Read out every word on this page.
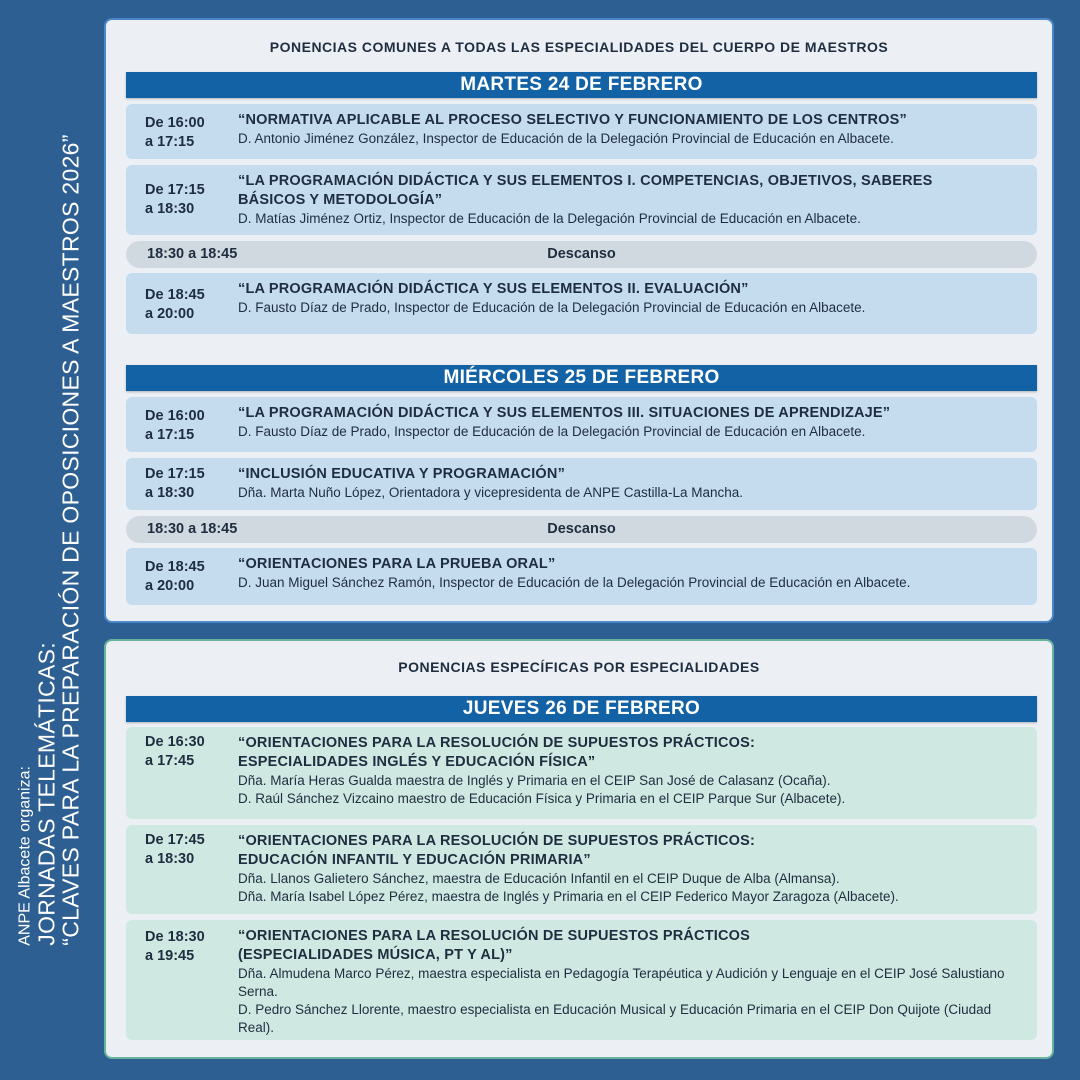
ANPE Albacete organiza: JORNADAS TELEMÁTICAS:
“CLAVES PARA LA PREPARACIÓN DE OPOSICIONES A MAESTROS 2026”
PONENCIAS COMUNES A TODAS LAS ESPECIALIDADES DEL CUERPO DE MAESTROS
MARTES 24 DE FEBRERO
De 16:00
a 17:15
“NORMATIVA APLICABLE AL PROCESO SELECTIVO Y FUNCIONAMIENTO DE LOS CENTROS”
D. Antonio Jiménez González, Inspector de Educación de la Delegación Provincial de Educación en Albacete.
De 17:15
a 18:30
“LA PROGRAMACIÓN DIDÁCTICA Y SUS ELEMENTOS I. COMPETENCIAS, OBJETIVOS, SABERES
BÁSICOS Y METODOLOGÍA”
D. Matías Jiménez Ortiz, Inspector de Educación de la Delegación Provincial de Educación en Albacete.
Descanso
18:30 a 18:45
De 18:45
a 20:00
“LA PROGRAMACIÓN DIDÁCTICA Y SUS ELEMENTOS II. EVALUACIÓN”
D. Fausto Díaz de Prado, Inspector de Educación de la Delegación Provincial de Educación en Albacete.
MIÉRCOLES 25 DE FEBRERO
De 16:00
a 17:15
“LA PROGRAMACIÓN DIDÁCTICA Y SUS ELEMENTOS III. SITUACIONES DE APRENDIZAJE”
D. Fausto Díaz de Prado, Inspector de Educación de la Delegación Provincial de Educación en Albacete.
De 17:15
a 18:30
“INCLUSIÓN EDUCATIVA Y PROGRAMACIÓN”
Dña. Marta Nuño López, Orientadora y vicepresidenta de ANPE Castilla-La Mancha.
Descanso
18:30 a 18:45
De 18:45
a 20:00
“ORIENTACIONES PARA LA PRUEBA ORAL”
D. Juan Miguel Sánchez Ramón, Inspector de Educación de la Delegación Provincial de Educación en Albacete.
PONENCIAS ESPECÍFICAS POR ESPECIALIDADES
JUEVES 26 DE FEBRERO
De 16:30
a 17:45
“ORIENTACIONES PARA LA RESOLUCIÓN DE SUPUESTOS PRÁCTICOS:
ESPECIALIDADES INGLÉS Y EDUCACIÓN FÍSICA”
Dña. María Heras Gualda maestra de Inglés y Primaria en el CEIP San José de Calasanz (Ocaña).
D. Raúl Sánchez Vizcaino maestro de Educación Física y Primaria en el CEIP Parque Sur (Albacete).
De 17:45
a 18:30
“ORIENTACIONES PARA LA RESOLUCIÓN DE SUPUESTOS PRÁCTICOS:
EDUCACIÓN INFANTIL Y EDUCACIÓN PRIMARIA”
Dña. Llanos Galietero Sánchez, maestra de Educación Infantil en el CEIP Duque de Alba (Almansa).
Dña. María Isabel López Pérez, maestra de Inglés y Primaria en el CEIP Federico Mayor Zaragoza (Albacete).
De 18:30
a 19:45
“ORIENTACIONES PARA LA RESOLUCIÓN DE SUPUESTOS PRÁCTICOS
(ESPECIALIDADES MÚSICA, PT Y AL)”
Dña. Almudena Marco Pérez, maestra especialista en Pedagogía Terapéutica y Audición y Lenguaje en el CEIP José Salustiano Serna.
D. Pedro Sánchez Llorente, maestro especialista en Educación Musical y Educación Primaria en el CEIP Don Quijote (Ciudad Real).
